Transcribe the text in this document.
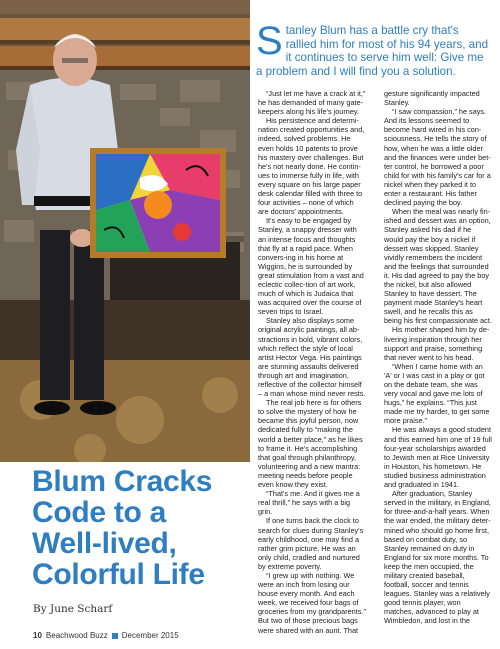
S tanley Blum has a battle cry that's rallied him for most of his 94 years, and it continues to serve him well: Give me a problem and I will find you a solution.

“Just let me have a crack at it,” he has demanded of many gate-keepers along his life's journey.

His persistence and determi-nation created opportunities and, indeed, solved problems. He even holds 10 patents to prove his mastery over challenges. But he's not nearly done. He contin-ues to immerse fully in life, with every square on his large paper desk calendar filled with three to four activities – none of which are doctors' appointments.

It's easy to be engaged by Stanley, a snappy dresser with an intense focus and thoughts that fly at a rapid pace. When convers-ing in his home at Wiggins, he is surrounded by great stimulation from a vast and eclectic collec-tion of art work, much of which is Judaica that was acquired over the course of seven trips to Israel.

Stanley also displays some original acrylic paintings, all ab-stractions in bold, vibrant colors, which reflect the style of local artist Hector Vega. His paintings are stunning assaults delivered through art and imagination, reflective of the collector himself – a man whose mind never rests.

The real job here is for others to solve the mystery of how he became this joyful person, now dedicated fully to “making the world a better place,” as he likes to frame it. He's accomplishing that goal through philanthropy, volunteering and a new mantra: meeting needs before people even know they exist.

“That's me. And it gives me a real thrill,” he says with a big grin.

If one turns back the clock to search for clues during Stanley's early childhood, one may find a rather grim picture. He was an only child, cradled and nurtured by extreme poverty.

“I grew up with nothing. We were an inch from losing our house every month. And each week, we received four bags of groceries from my grandparents.” But two of those precious bags were shared with an aunt. That

gesture significantly impacted Stanley.

“I saw compassion,” he says. And its lessons seemed to become hard wired in his con-sciousness. He tells the story of how, when he was a little older and the finances were under bet-ter control, he borrowed a poor child for with his family's car for a nickel when they parked it to enter a restaurant. His father declined paying the boy.

When the meal was nearly fin-ished and dessert was an option, Stanley asked his dad if he would pay the boy a nickel if dessert was skipped. Stanley vividly remembers the incident and the feelings that surrounded it. His dad agreed to pay the boy the nickel, but also allowed Stanley to have dessert. The payment made Stanley's heart swell, and he recalls this as being his first compassionate act.

His mother shaped him by de-livering inspiration through her support and praise, something that never went to his head.

“When I came home with an 'A' or I was cast in a play or got on the debate team, she was very vocal and gave me lots of hugs,” he explains. “This just made me try harder, to get some more praise.”

He was always a good student and this earned him one of 19 full four-year scholarships awarded to Jewish men at Rice University in Houston, his hometown. He studied business administration and graduated in 1941.

After graduation, Stanley served in the military, in England, for three-and-a-half years. When the war ended, the military deter-mined who should go home first, based on combat duty, so Stanley remained on duty in England for six more months. To keep the men occupied, the military created baseball, football, soccer and tennis leagues. Stanley was a relatively good tennis player, won matches, advanced to play at Wimbledon, and lost in the

Blum Cracks
Code to a
Well-lived,
Colorful Life
By June Scharf
10 Beachwood Buzz December 2015
